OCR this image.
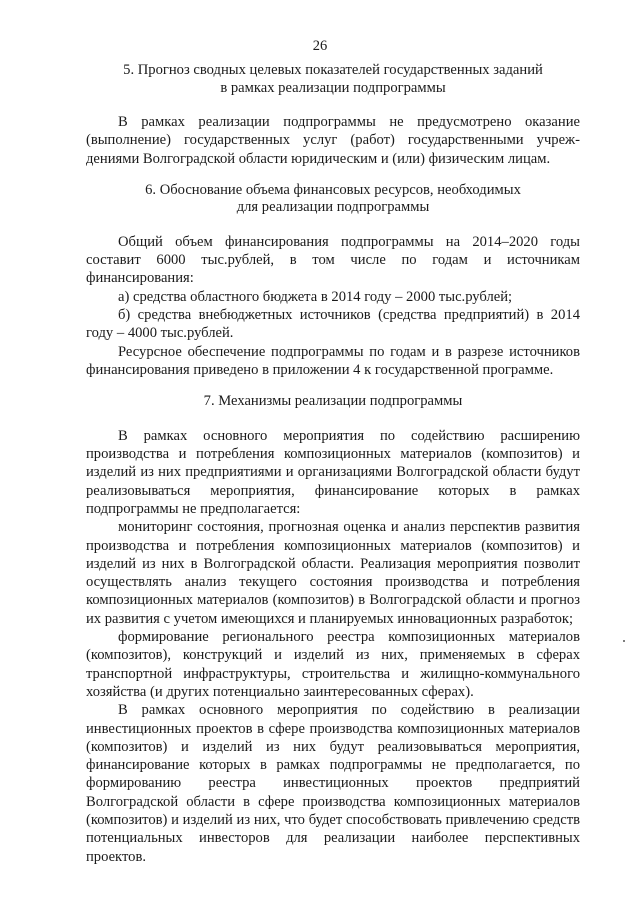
26

5. Прогноз сводных целевых показателей государственных заданий

в рамках реализации подпрограммы

В рамках реализации подпрограммы не предусмотрено оказание (выполнение) государственных услуг (работ) государственными учреж-дениями Волгоградской области юридическим и (или) физическим лицам.

6. Обоснование объема финансовых ресурсов, необходимых

для реализации подпрограммы

Общий объем финансирования подпрограммы на 2014–2020 годы составит 6000 тыс.рублей, в том числе по годам и источникам финансирования:

а) средства областного бюджета в 2014 году – 2000 тыс.рублей;

б) средства внебюджетных источников (средства предприятий) в 2014 году – 4000 тыс.рублей.

Ресурсное обеспечение подпрограммы по годам и в разрезе источников финансирования приведено в приложении 4 к государственной программе.

7. Механизмы реализации подпрограммы

В рамках основного мероприятия по содействию расширению производства и потребления композиционных материалов (композитов) и изделий из них предприятиями и организациями Волгоградской области будут реализовываться мероприятия, финансирование которых в рамках подпрограммы не предполагается:

мониторинг состояния, прогнозная оценка и анализ перспектив развития производства и потребления композиционных материалов (композитов) и изделий из них в Волгоградской области. Реализация мероприятия позволит осуществлять анализ текущего состояния производства и потребления композиционных материалов (композитов) в Волгоградской области и прогноз их развития с учетом имеющихся и планируемых инновационных разработок;

формирование регионального реестра композиционных материалов (композитов), конструкций и изделий из них, применяемых в сферах транспортной инфраструктуры, строительства и жилищно-коммунального хозяйства (и других потенциально заинтересованных сферах).

В рамках основного мероприятия по содействию в реализации инвестиционных проектов в сфере производства композиционных материалов (композитов) и изделий из них будут реализовываться мероприятия, финансирование которых в рамках подпрограммы не предполагается, по формированию реестра инвестиционных проектов предприятий Волгоградской области в сфере производства композиционных материалов (композитов) и изделий из них, что будет способствовать привлечению средств потенциальных инвесторов для реализации наиболее перспективных проектов.
